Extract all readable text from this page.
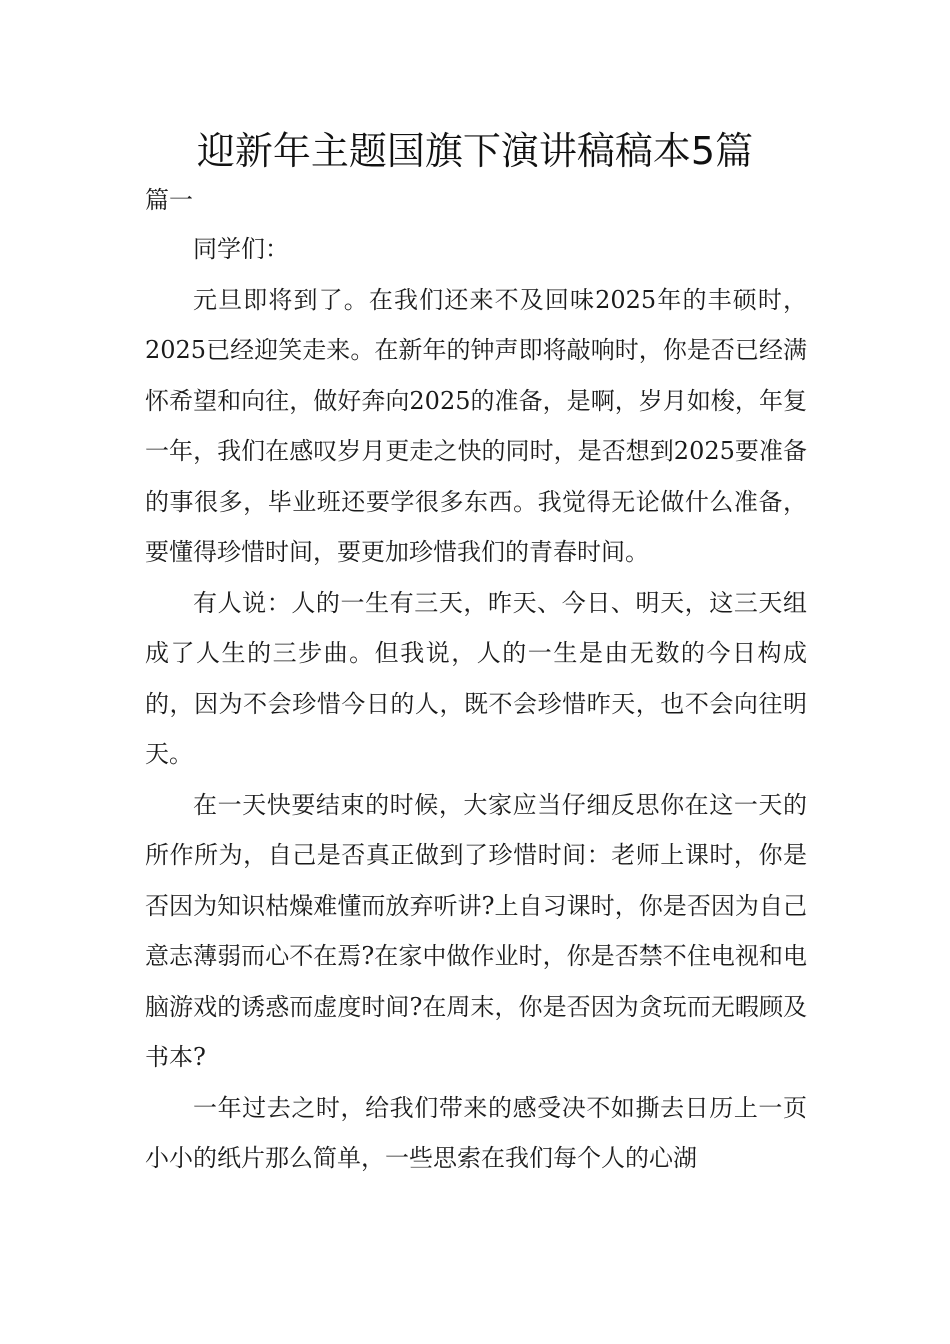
迎新年主题国旗下演讲稿稿本5篇
篇一

同学们：

元旦即将到了。在我们还来不及回味2025年的丰硕时，2025已经迎笑走来。在新年的钟声即将敲响时，你是否已经满怀希望和向往，做好奔向2025的准备，是啊，岁月如梭，年复一年，我们在感叹岁月更走之快的同时，是否想到2025要准备的事很多，毕业班还要学很多东西。我觉得无论做什么准备，要懂得珍惜时间，要更加珍惜我们的青春时间。

有人说：人的一生有三天，昨天、今日、明天，这三天组成了人生的三步曲。但我说，人的一生是由无数的今日构成的，因为不会珍惜今日的人，既不会珍惜昨天，也不会向往明天。

在一天快要结束的时候，大家应当仔细反思你在这一天的所作所为，自己是否真正做到了珍惜时间：老师上课时，你是否因为知识枯燥难懂而放弃听讲?上自习课时，你是否因为自己意志薄弱而心不在焉?在家中做作业时，你是否禁不住电视和电脑游戏的诱惑而虚度时间?在周末，你是否因为贪玩而无暇顾及书本?

一年过去之时，给我们带来的感受决不如撕去日历上一页小小的纸片那么简单，一些思索在我们每个人的心湖
